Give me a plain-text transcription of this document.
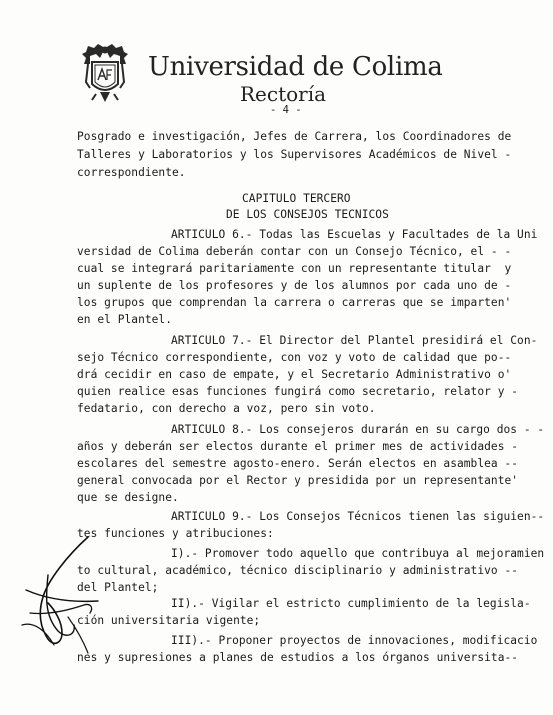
Universidad de Colima
Rectoría
- 4 -
Posgrado e investigación, Jefes de Carrera, los Coordinadores de
Talleres y Laboratorios y los Supervisores Académicos de Nivel -
correspondiente.
CAPITULO TERCERO
DE LOS CONSEJOS TECNICOS
ARTICULO 6.- Todas las Escuelas y Facultades de la Uni
versidad de Colima deberán contar con un Consejo Técnico, el - -
cual se integrará paritariamente con un representante titular  y
un suplente de los profesores y de los alumnos por cada uno de -
los grupos que comprendan la carrera o carreras que se imparten'
en el Plantel.
ARTICULO 7.- El Director del Plantel presidirá el Con-
sejo Técnico correspondiente, con voz y voto de calidad que po--
drá cecidir en caso de empate, y el Secretario Administrativo o'
quien realice esas funciones fungirá como secretario, relator y -
fedatario, con derecho a voz, pero sin voto.
ARTICULO 8.- Los consejeros durarán en su cargo dos - -
años y deberán ser electos durante el primer mes de actividades -
escolares del semestre agosto-enero. Serán electos en asamblea --
general convocada por el Rector y presidida por un representante'
que se designe.
ARTICULO 9.- Los Consejos Técnicos tienen las siguien--
tes funciones y atribuciones:
I).- Promover todo aquello que contribuya al mejoramien
to cultural, académico, técnico disciplinario y administrativo --
del Plantel;
II).- Vigilar el estricto cumplimiento de la legisla-
ción universitaria vigente;
III).- Proponer proyectos de innovaciones, modificacio
nes y supresiones a planes de estudios a los órganos universita--
